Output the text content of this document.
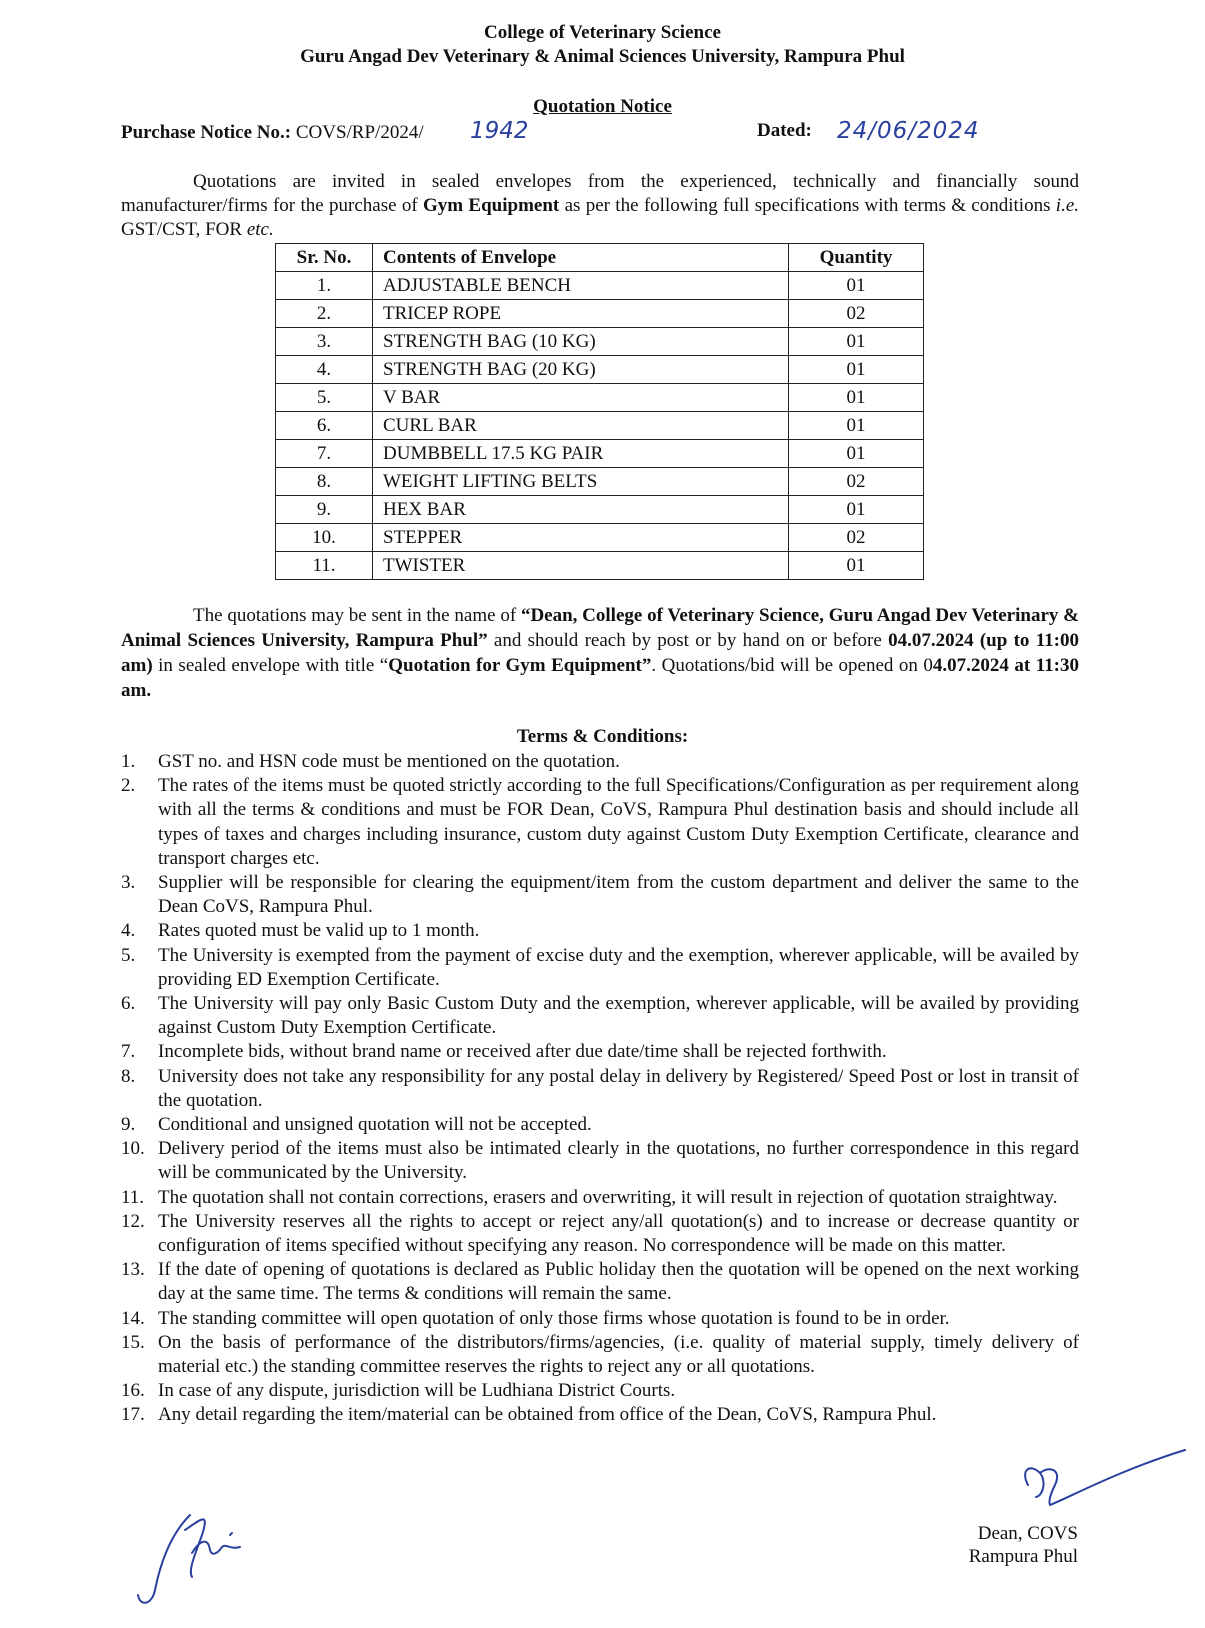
College of Veterinary Science
Guru Angad Dev Veterinary & Animal Sciences University, Rampura Phul
Quotation Notice
Purchase Notice No.: COVS/RP/2024/ 1942	Dated: 24/06/2024
Quotations are invited in sealed envelopes from the experienced, technically and financially sound manufacturer/firms for the purchase of Gym Equipment as per the following full specifications with terms & conditions i.e. GST/CST, FOR etc.
Sr. No.	Contents of Envelope	Quantity
1.	ADJUSTABLE BENCH	01
2.	TRICEP ROPE	02
3.	STRENGTH BAG (10 KG)	01
4.	STRENGTH BAG (20 KG)	01
5.	V BAR	01
6.	CURL BAR	01
7.	DUMBBELL 17.5 KG PAIR	01
8.	WEIGHT LIFTING BELTS	02
9.	HEX BAR	01
10.	STEPPER	02
11.	TWISTER	01
The quotations may be sent in the name of “Dean, College of Veterinary Science, Guru Angad Dev Veterinary & Animal Sciences University, Rampura Phul” and should reach by post or by hand on or before 04.07.2024 (up to 11:00 am) in sealed envelope with title “Quotation for Gym Equipment”. Quotations/bid will be opened on 04.07.2024 at 11:30 am.
Terms & Conditions:
1.	GST no. and HSN code must be mentioned on the quotation.
2.	The rates of the items must be quoted strictly according to the full Specifications/Configuration as per requirement along with all the terms & conditions and must be FOR Dean, CoVS, Rampura Phul destination basis and should include all types of taxes and charges including insurance, custom duty against Custom Duty Exemption Certificate, clearance and transport charges etc.
3.	Supplier will be responsible for clearing the equipment/item from the custom department and deliver the same to the Dean CoVS, Rampura Phul.
4.	Rates quoted must be valid up to 1 month.
5.	The University is exempted from the payment of excise duty and the exemption, wherever applicable, will be availed by providing ED Exemption Certificate.
6.	The University will pay only Basic Custom Duty and the exemption, wherever applicable, will be availed by providing against Custom Duty Exemption Certificate.
7.	Incomplete bids, without brand name or received after due date/time shall be rejected forthwith.
8.	University does not take any responsibility for any postal delay in delivery by Registered/ Speed Post or lost in transit of the quotation.
9.	Conditional and unsigned quotation will not be accepted.
10. Delivery period of the items must also be intimated clearly in the quotations, no further correspondence in this regard will be communicated by the University.
11. The quotation shall not contain corrections, erasers and overwriting, it will result in rejection of quotation straightway.
12. The University reserves all the rights to accept or reject any/all quotation(s) and to increase or decrease quantity or configuration of items specified without specifying any reason. No correspondence will be made on this matter.
13. If the date of opening of quotations is declared as Public holiday then the quotation will be opened on the next working day at the same time. The terms & conditions will remain the same.
14. The standing committee will open quotation of only those firms whose quotation is found to be in order.
15. On the basis of performance of the distributors/firms/agencies, (i.e. quality of material supply, timely delivery of material etc.) the standing committee reserves the rights to reject any or all quotations.
16. In case of any dispute, jurisdiction will be Ludhiana District Courts.
17. Any detail regarding the item/material can be obtained from office of the Dean, CoVS, Rampura Phul.
Dean, COVS
Rampura Phul
